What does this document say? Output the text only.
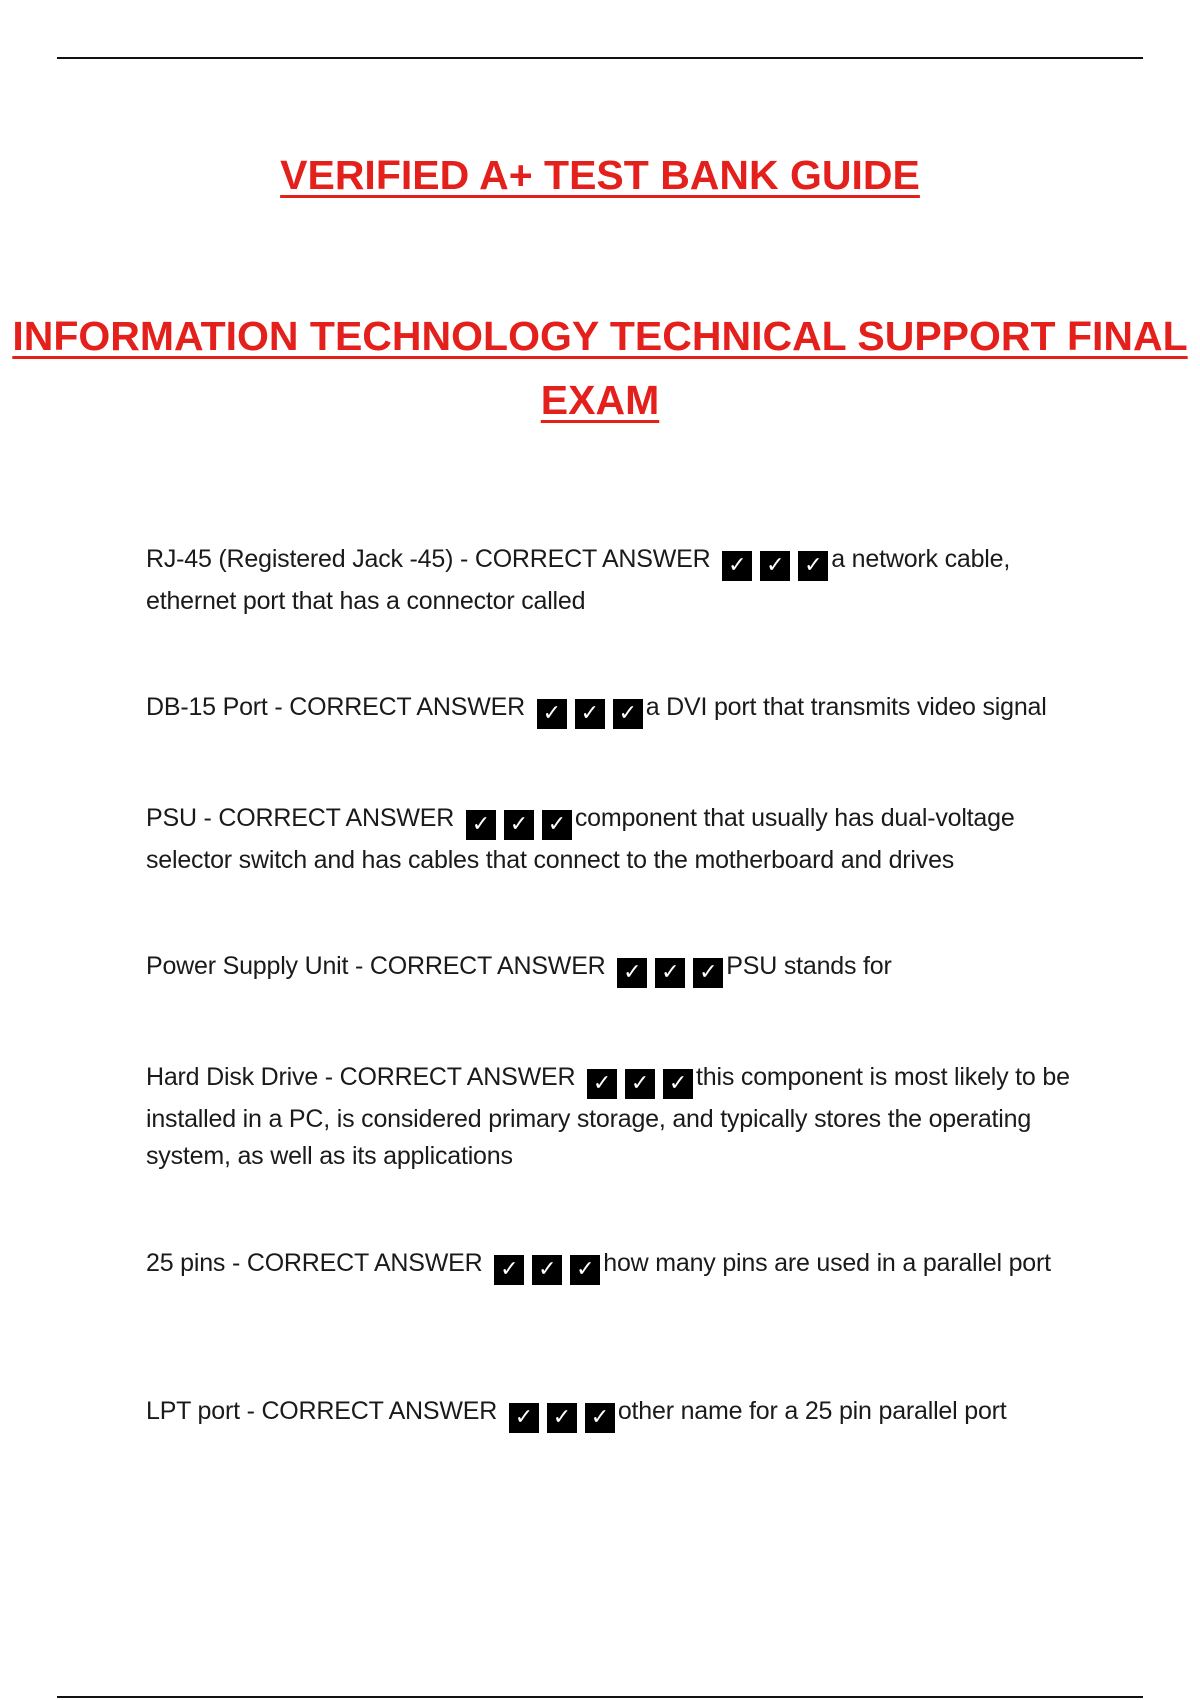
VERIFIED A+ TEST BANK GUIDE
INFORMATION TECHNOLOGY TECHNICAL SUPPORT FINAL EXAM
RJ-45 (Registered Jack -45) - CORRECT ANSWER ✓ ✓ ✓ a network cable, ethernet port that has a connector called
DB-15 Port - CORRECT ANSWER ✓ ✓ ✓ a DVI port that transmits video signal
PSU - CORRECT ANSWER ✓ ✓ ✓ component that usually has dual-voltage selector switch and has cables that connect to the motherboard and drives
Power Supply Unit - CORRECT ANSWER ✓ ✓ ✓ PSU stands for
Hard Disk Drive - CORRECT ANSWER ✓ ✓ ✓ this component is most likely to be installed in a PC, is considered primary storage, and typically stores the operating system, as well as its applications
25 pins - CORRECT ANSWER ✓ ✓ ✓ how many pins are used in a parallel port
LPT port - CORRECT ANSWER ✓ ✓ ✓ other name for a 25 pin parallel port
